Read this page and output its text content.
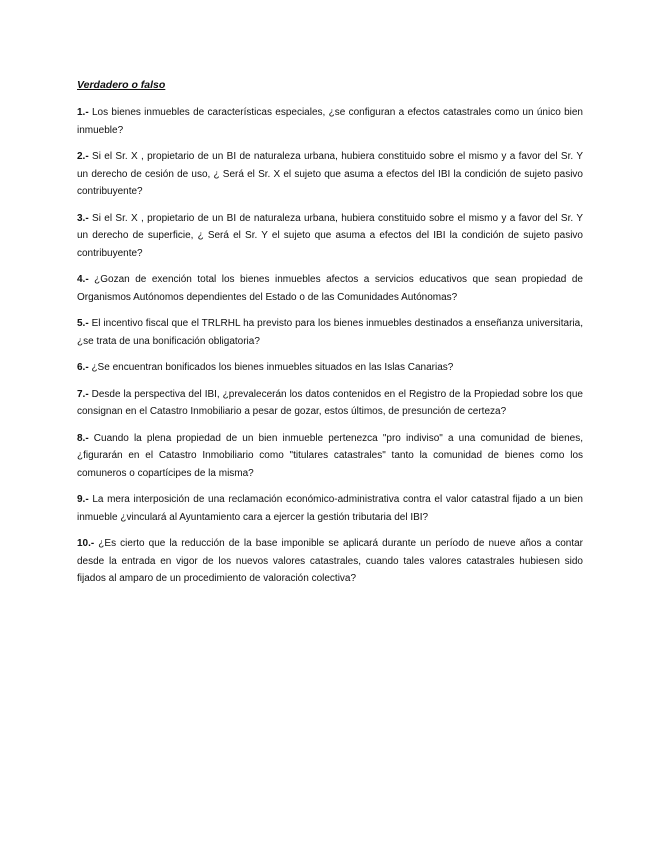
Verdadero o falso
1.- Los bienes inmuebles de características especiales, ¿se configuran a efectos catastrales como un único bien inmueble?
2.- Si el Sr. X , propietario de un BI de naturaleza urbana, hubiera constituido sobre el mismo y a favor del Sr. Y un derecho de cesión de uso, ¿ Será el Sr. X el sujeto que asuma a efectos del IBI la condición de sujeto pasivo contribuyente?
3.- Si el Sr. X , propietario de un BI de naturaleza urbana, hubiera constituido sobre el mismo y a favor del Sr. Y un derecho de superficie, ¿ Será el Sr. Y el sujeto que asuma a efectos del IBI la condición de sujeto pasivo contribuyente?
4.- ¿Gozan de exención total los bienes inmuebles afectos a servicios educativos que sean propiedad de Organismos Autónomos dependientes del Estado o de las Comunidades Autónomas?
5.- El incentivo fiscal que el TRLRHL ha previsto para los bienes inmuebles destinados a enseñanza universitaria, ¿se trata de una bonificación obligatoria?
6.- ¿Se encuentran bonificados los bienes inmuebles situados en las Islas Canarias?
7.- Desde la perspectiva del IBI, ¿prevalecerán los datos contenidos en el Registro de la Propiedad sobre los que consignan en el Catastro Inmobiliario a pesar de gozar, estos últimos, de presunción de certeza?
8.- Cuando la plena propiedad de un bien inmueble pertenezca "pro indiviso" a una comunidad de bienes, ¿figurarán en el Catastro Inmobiliario como "titulares catastrales" tanto la comunidad de bienes como los comuneros o copartícipes de la misma?
9.- La mera interposición de una reclamación económico-administrativa contra el valor catastral fijado a un bien inmueble ¿vinculará al Ayuntamiento cara a ejercer la gestión tributaria del IBI?
10.- ¿Es cierto que la reducción de la base imponible se aplicará durante un período de nueve años a contar desde la entrada en vigor de los nuevos valores catastrales, cuando tales valores catastrales hubiesen sido fijados al amparo de un procedimiento de valoración colectiva?
